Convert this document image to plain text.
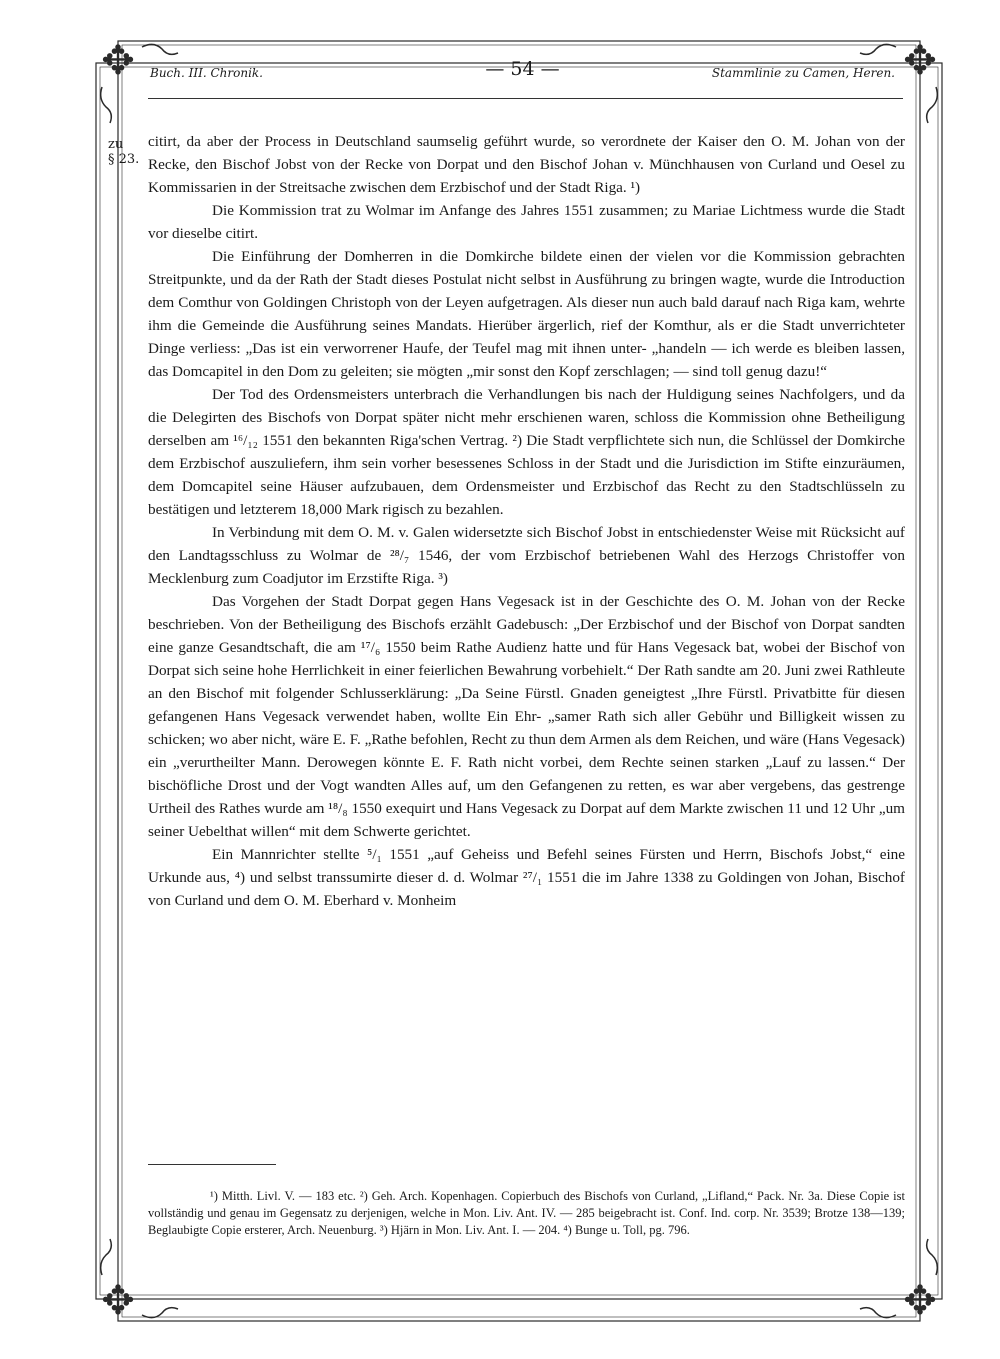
✥	✥
✥	✥
Buch. III. Chronik.	— 54 —	Stammlinie zu Camen, Heren.
zu
§ 23.

citirt, da aber der Process in Deutschland saumselig geführt wurde, so verordnete der Kaiser den O. M. Johan von der Recke, den Bischof Jobst von der Recke von Dorpat und den Bischof Johan v. Münchhausen von Curland und Oesel zu Kommissarien in der Streitsache zwischen dem Erzbischof und der Stadt Riga. ¹)

Die Kommission trat zu Wolmar im Anfange des Jahres 1551 zusammen; zu Mariae Lichtmess wurde die Stadt vor dieselbe citirt.

Die Einführung der Domherren in die Domkirche bildete einen der vielen vor die Kommission gebrachten Streitpunkte, und da der Rath der Stadt dieses Postulat nicht selbst in Ausführung zu bringen wagte, wurde die Introduction dem Comthur von Goldingen Christoph von der Leyen aufgetragen. Als dieser nun auch bald darauf nach Riga kam, wehrte ihm die Gemeinde die Ausführung seines Mandats. Hierüber ärgerlich, rief der Komthur, als er die Stadt unverrichteter Dinge verliess: „Das ist ein verworrener Haufe, der Teufel mag mit ihnen unter- „handeln — ich werde es bleiben lassen, das Domcapitel in den Dom zu geleiten; sie mögten „mir sonst den Kopf zerschlagen; — sind toll genug dazu!“

Der Tod des Ordensmeisters unterbrach die Verhandlungen bis nach der Huldigung seines Nachfolgers, und da die Delegirten des Bischofs von Dorpat später nicht mehr erschienen waren, schloss die Kommission ohne Betheiligung derselben am ¹⁶/₁₂ 1551 den bekannten Riga'schen Vertrag. ²) Die Stadt verpflichtete sich nun, die Schlüssel der Domkirche dem Erzbischof auszuliefern, ihm sein vorher besessenes Schloss in der Stadt und die Jurisdiction im Stifte einzuräumen, dem Domcapitel seine Häuser aufzubauen, dem Ordensmeister und Erzbischof das Recht zu den Stadtschlüsseln zu bestätigen und letzterem 18,000 Mark rigisch zu bezahlen.

In Verbindung mit dem O. M. v. Galen widersetzte sich Bischof Jobst in entschiedenster Weise mit Rücksicht auf den Landtagsschluss zu Wolmar de ²⁸/₇ 1546, der vom Erzbischof betriebenen Wahl des Herzogs Christoffer von Mecklenburg zum Coadjutor im Erzstifte Riga. ³)

Das Vorgehen der Stadt Dorpat gegen Hans Vegesack ist in der Geschichte des O. M. Johan von der Recke beschrieben. Von der Betheiligung des Bischofs erzählt Gadebusch: „Der Erzbischof und der Bischof von Dorpat sandten eine ganze Gesandtschaft, die am ¹⁷/₆ 1550 beim Rathe Audienz hatte und für Hans Vegesack bat, wobei der Bischof von Dorpat sich seine hohe Herrlichkeit in einer feierlichen Bewahrung vorbehielt.“ Der Rath sandte am 20. Juni zwei Rathleute an den Bischof mit folgender Schlusserklärung: „Da Seine Fürstl. Gnaden geneigtest „Ihre Fürstl. Privatbitte für diesen gefangenen Hans Vegesack verwendet haben, wollte Ein Ehr- „samer Rath sich aller Gebühr und Billigkeit wissen zu schicken; wo aber nicht, wäre E. F. „Rathe befohlen, Recht zu thun dem Armen als dem Reichen, und wäre (Hans Vegesack) ein „verurtheilter Mann. Derowegen könnte E. F. Rath nicht vorbei, dem Rechte seinen starken „Lauf zu lassen.“ Der bischöfliche Drost und der Vogt wandten Alles auf, um den Gefangenen zu retten, es war aber vergebens, das gestrenge Urtheil des Rathes wurde am ¹⁸/₈ 1550 exequirt und Hans Vegesack zu Dorpat auf dem Markte zwischen 11 und 12 Uhr „um seiner Uebelthat willen“ mit dem Schwerte gerichtet.

Ein Mannrichter stellte ⁵/₁ 1551 „auf Geheiss und Befehl seines Fürsten und Herrn, Bischofs Jobst,“ eine Urkunde aus, ⁴) und selbst transsumirte dieser d. d. Wolmar ²⁷/₁ 1551 die im Jahre 1338 zu Goldingen von Johan, Bischof von Curland und dem O. M. Eberhard v. Monheim

¹) Mitth. Livl. V. — 183 etc. ²) Geh. Arch. Kopenhagen. Copierbuch des Bischofs von Curland, „Lifland,“ Pack. Nr. 3a. Diese Copie ist vollständig und genau im Gegensatz zu derjenigen, welche in Mon. Liv. Ant. IV. — 285 beigebracht ist. Conf. Ind. corp. Nr. 3539; Brotze 138—139; Beglaubigte Copie ersterer, Arch. Neuenburg. ³) Hjärn in Mon. Liv. Ant. I. — 204. ⁴) Bunge u. Toll, pg. 796.
